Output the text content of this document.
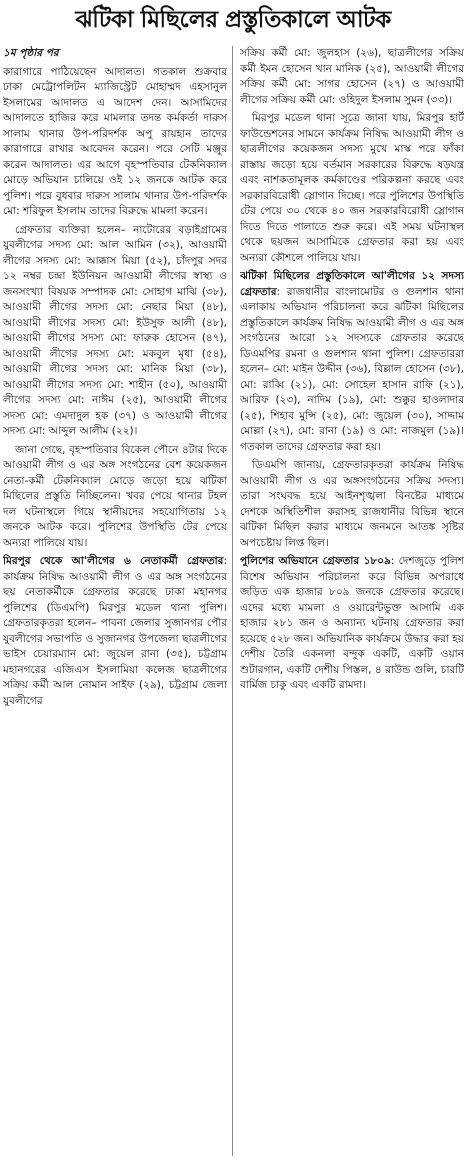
ঝটিকা মিছিলের প্রস্তুতিকালে আটক

১ম পৃষ্ঠার পর

কারাগারে পাঠিয়েছেন আদালত। গতকাল শুক্রবার ঢাকা মেট্রোপলিটন ম্যাজিস্ট্রেট মোহাম্মদ এহসানুল ইসলামের আদালত এ আদেশ দেন। আসামিদের আদালতে হাজির করে মামলার তদন্ত কর্মকর্তা দারুস সালাম থানার উপ-পরিদর্শক অপু রায়হান তাদের কারাগারে রাখার আবেদন করেন। পরে সেটি মঞ্জুর করেন আদালত। এর আগে বৃহস্পতিবার টেকনিক্যাল মোড়ে অভিযান চালিয়ে ওই ১২ জনকে আটক করে পুলিশ। পরে বুধবার দারুস সালাম থানার উপ-পরিদর্শক মো: শরিফুল ইসলাম তাদের বিরুদ্ধে মামলা করেন।

গ্রেফতার ব্যক্তিরা হলেন– নাটোরের বড়াইগ্রামের যুবলীগের সদস্য মো: আল আমিন (৩২), আওয়ামী লীগের সদস্য মো: আক্কাস মিয়া (৫২), চাঁদপুর সদর ১২ নম্বর চন্দ্রা ইউনিয়ন আওয়ামী লীগের স্বাস্থ্য ও জনসংখ্যা বিষয়ক সম্পাদক মো: সোহাগ মাঝি (৩৮), আওয়ামী লীগের সদস্য মো: নেছার মিয়া (৪৮), আওয়ামী লীগের সদস্য মো: ইউসুফ আলী (৪৮), আওয়ামী লীগের সদস্য মো: ফারুক হোসেন (৪৭), আওয়ামী লীগের সদস্য মো: মকবুল মৃধা (৫৪), আওয়ামী লীগের সদস্য মো: মানিক মিয়া (৩৮), আওয়ামী লীগের সদস্য মো: শাহীন (৫০), আওয়ামী লীগের সদস্য মো: নাঈম (২৫), আওয়ামী লীগের সদস্য মো: এমদাদুল হক (৩৭) ও আওয়ামী লীগের সদস্য মো: আব্দুল আলীম (২২)।

জানা গেছে, বৃহস্পতিবার বিকেল পৌনে ৪টার দিকে আওয়ামী লীগ ও এর অঙ্গ সংগঠনের বেশ কয়েকজন নেতা-কর্মী টেকনিক্যাল মোড়ে জড়ো হয়ে ঝটিকা মিছিলের প্রস্তুতি নিচ্ছিলেন। খবর পেয়ে থানার টহল দল ঘটনাস্থলে গিয়ে স্থানীয়দের সহযোগিতায় ১২ জনকে আটক করে। পুলিশের উপস্থিতি টের পেয়ে অন্যরা পালিয়ে যায়।

মিরপুর থেকে আ'লীগের ৬ নেতাকর্মী গ্রেফতার: কার্যক্রম নিষিদ্ধ আওয়ামী লীগ ও এর অঙ্গ সংগঠনের ছয় নেতাকর্মীকে গ্রেফতার করেছে ঢাকা মহানগর পুলিশের (ডিএমপি) মিরপুর মডেল থানা পুলিশ। গ্রেফতারকৃতরা হলেন– পাবনা জেলার সুজানগর পৌর যুবলীগের সভাপতি ও সুজানগর উপজেলা ছাত্রলীগের ভাইস চেয়ারম্যান মো: জুয়েল রানা (৩৫), চট্টগ্রাম মহানগরের এজিএস ইসলামিয়া কলেজ ছাত্রলীগের সক্রিয় কর্মী আল নোমান সাইফ (২৯), চট্টগ্রাম জেলা যুবলীগের

সক্রিয় কর্মী মো: জুলহাস (২৬), ছাত্রলীগের সক্রিয় কর্মী ইমন হোসেন খান মানিক (২৫), আওয়ামী লীগের সক্রিয় কর্মী মো: সাগর হোসেন (২৭) ও আওয়ামী লীগের সক্রিয় কর্মী মো: ওহিদুল ইসলাম সুমন (৩৩)।

মিরপুর মডেল থানা সূত্রে জানা যায়, মিরপুর হার্ট ফাউন্ডেশনের সামনে কার্যক্রম নিষিদ্ধ আওয়ামী লীগ ও ছাত্রলীগের কয়েকজন সদস্য মুখে মাস্ক পরে ফাঁকা রাস্তায় জড়ো হয়ে বর্তমান সরকারের বিরুদ্ধে ষড়যন্ত্র এবং নাশকতামূলক কর্মকাণ্ডের পরিকল্পনা করছে এবং সরকারবিরোধী স্লোগান দিচ্ছে। পরে পুলিশের উপস্থিতি টের পেয়ে ৩০ থেকে ৪০ জন সরকারবিরোধী স্লোগান দিতে দিতে পালাতে শুরু করে। এই সময় ঘটনাস্থল থেকে ছয়জন আসামিকে গ্রেফতার করা হয় এবং অন্যরা কৌশলে পালিয়ে যায়।

ঝটিকা মিছিলের প্রস্তুতিকালে আ'লীগের ১২ সদস্য গ্রেফতার: রাজধানীর বাংলামোটর ও গুলশান থানা এলাকায় অভিযান পরিচালনা করে ঝটিকা মিছিলের প্রস্তুতিকালে কার্যক্রম নিষিদ্ধ আওয়ামী লীগ ও এর অঙ্গ সংগঠনের আরো ১২ সদস্যকে গ্রেফতার করেছে ডিএমপির রমনা ও গুলশান থানা পুলিশ। গ্রেফতাররা হলেন– মো: মাইন উদ্দীন (৩৬), বিল্লাল হোসেন (৩৮), মো: রাব্বি (২১), মো: সোহেল হাসান রাফি (২১), আরিফ (২৩), নাদিম (১৯), মো: শুক্কুর হাওলাদার (২৫), শিহাব মুন্সি (২৫), মো: জুয়েল (৩০), সাদ্দাম মোল্লা (২৭), মো: রানা (১৯) ও মো: নাজমুল (১৯)। গতকাল তাদের গ্রেফতার করা হয়।

ডিএমপি জানায়, গ্রেফতারকৃতরা কার্যক্রম নিষিদ্ধ আওয়ামী লীগ ও এর অঙ্গসংগঠনের সক্রিয় সদস্য। তারা সংঘবদ্ধ হয়ে আইনশৃঙ্খলা বিনষ্টের মাধ্যমে দেশকে অস্থিতিশীল করাসহ রাজধানীর বিভিন্ন স্থানে ঝটিকা মিছিল করার মাধ্যমে জনমনে আতঙ্ক সৃষ্টির অপচেষ্টায় লিপ্ত ছিল।

পুলিশের অভিযানে গ্রেফতার ১৮০৯: দেশজুড়ে পুলিশ বিশেষ অভিযান পরিচালনা করে বিভিন্ন অপরাধে জড়িত এক হাজার ৮০৯ জনকে গ্রেফতার করেছে। এদের মধ্যে মামলা ও ওয়ারেন্টভুক্ত আসামি এক হাজার ২৮১ জন ও অন্যান্য ঘটনায় গ্রেফতার করা হয়েছে ৫২৮ জন। অভিযানিক কার্যক্রমে উদ্ধার করা হয় দেশীয় তৈরি একনলা বন্দুক একটি, একটি ওয়ান শুটারগান, একটি দেশীয় পিস্তল, ৪ রাউন্ড গুলি, চারটি বার্মিজ চাকু এবং একটি রামদা।
